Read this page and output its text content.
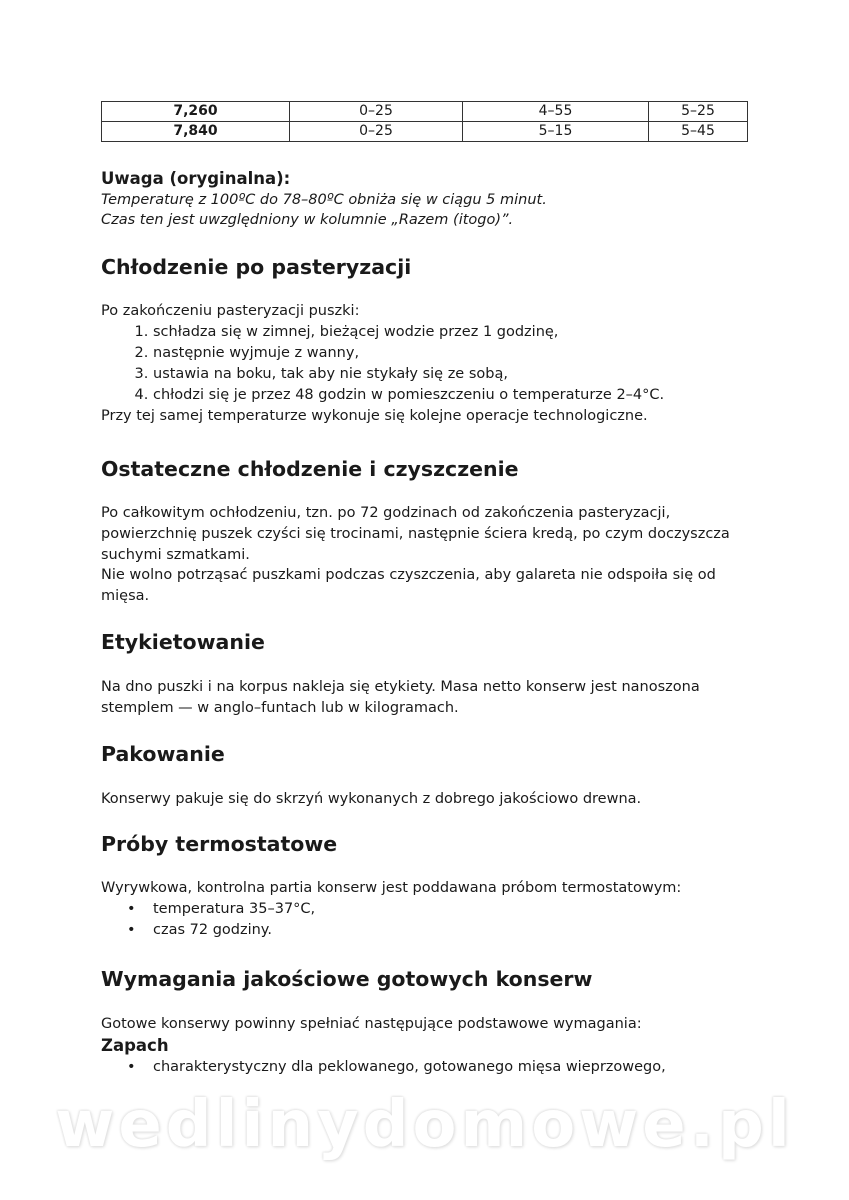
7,260	0–25	4–55	5–25
7,840	0–25	5–15	5–45
Uwaga (oryginalna):
Temperaturę z 100ºC do 78–80ºC obniża się w ciągu 5 minut.
Czas ten jest uwzględniony w kolumnie „Razem (itogo)”.
Chłodzenie po pasteryzacji

Po zakończeniu pasteryzacji puszki:

1. schładza się w zimnej, bieżącej wodzie przez 1 godzinę,
2. następnie wyjmuje z wanny,
3. ustawia na boku, tak aby nie stykały się ze sobą,
4. chłodzi się je przez 48 godzin w pomieszczeniu o temperaturze 2–4°C.

Przy tej samej temperaturze wykonuje się kolejne operacje technologiczne.

Ostateczne chłodzenie i czyszczenie

Po całkowitym ochłodzeniu, tzn. po 72 godzinach od zakończenia pasteryzacji,

powierzchnię puszek czyści się trocinami, następnie ściera kredą, po czym doczyszcza

suchymi szmatkami.

Nie wolno potrząsać puszkami podczas czyszczenia, aby galareta nie odspoiła się od

mięsa.

Etykietowanie

Na dno puszki i na korpus nakleja się etykiety. Masa netto konserw jest nanoszona

stemplem — w anglo–funtach lub w kilogramach.

Pakowanie

Konserwy pakuje się do skrzyń wykonanych z dobrego jakościowo drewna.

Próby termostatowe

Wyrywkowa, kontrolna partia konserw jest poddawana próbom termostatowym:

• temperatura 35–37°C,
• czas 72 godziny.
Wymagania jakościowe gotowych konserw

Gotowe konserwy powinny spełniać następujące podstawowe wymagania:

Zapach
• charakterystyczny dla peklowanego, gotowanego mięsa wieprzowego,
wedlinydomowe.pl
